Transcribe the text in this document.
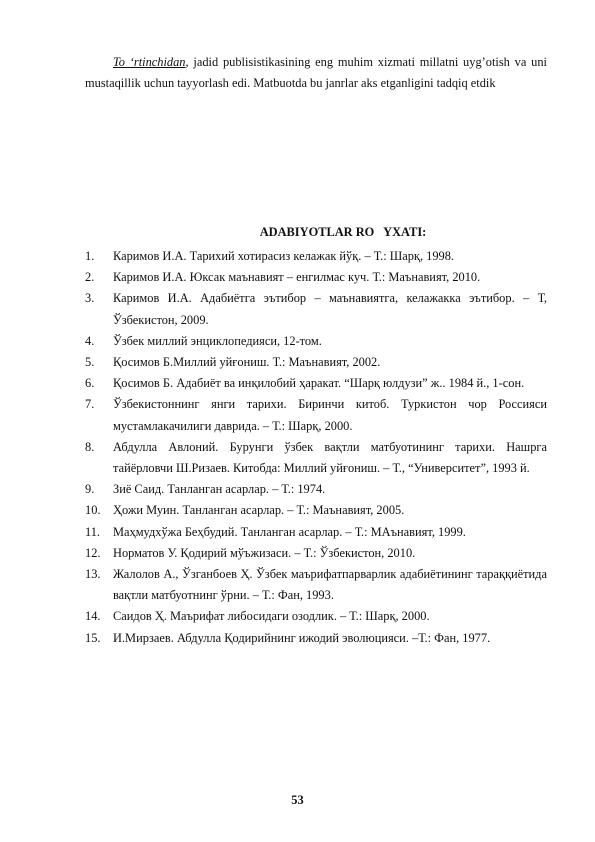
To ‘rtinchidan, jadid publisistikasining eng muhim xizmati millatni uyg’otish va uni mustaqillik uchun tayyorlash edi. Matbuotda bu janrlar aks etganligini tadqiq etdik

ADABIYOTLAR RO   YXATI:
1.	Каримов И.А. Тарихий хотирасиз келажак йўқ. – Т.: Шарқ, 1998.
2.	Каримов И.А. Юксак маънавият – енгилмас куч. Т.: Маънавият, 2010.
3.	Каримов И.А. Адабиётга эътибор – маънавиятга, келажакка эътибор. – Т, Ўзбекистон, 2009.
4.	Ўзбек миллий энциклопедияси, 12-том.
5.	Қосимов Б.Миллий уйғониш. Т.: Маънавият, 2002.
6.	Қосимов Б. Адабиёт ва инқилобий ҳаракат. “Шарқ юлдузи” ж.. 1984 й., 1-сон.
7.	Ўзбекистоннинг янги тарихи. Биринчи китоб. Туркистон чор Россияси мустамлакачилиги даврида. – Т.: Шарқ, 2000.
8.	Абдулла Авлоний. Бурунги ўзбек вақтли матбуотининг тарихи. Нашрга тайёрловчи Ш.Ризаев. Китобда: Миллий уйғониш. – Т., “Университет”, 1993 й.
9.	Зиё Саид. Танланган асарлар. – Т.: 1974.
10.	Ҳожи Муин. Танланган асарлар. – Т.: Маънавият, 2005.
11.	Маҳмудхўжа Беҳбудий. Танланган асарлар. – Т.: МАънавият, 1999.
12.	Норматов У. Қодирий мўъжизаси. – Т.: Ўзбекистон, 2010.
13.	Жалолов А., Ўзганбоев Ҳ. Ўзбек маърифатпарварлик адабиётининг тараққиётида вақтли матбуотнинг ўрни. – Т.: Фан, 1993.
14.	Саидов Ҳ. Маърифат либосидаги озодлик. – Т.: Шарқ, 2000.
15.	И.Мирзаев. Абдулла Қодирийнинг ижодий эволюцияси. –Т.: Фан, 1977.
53
